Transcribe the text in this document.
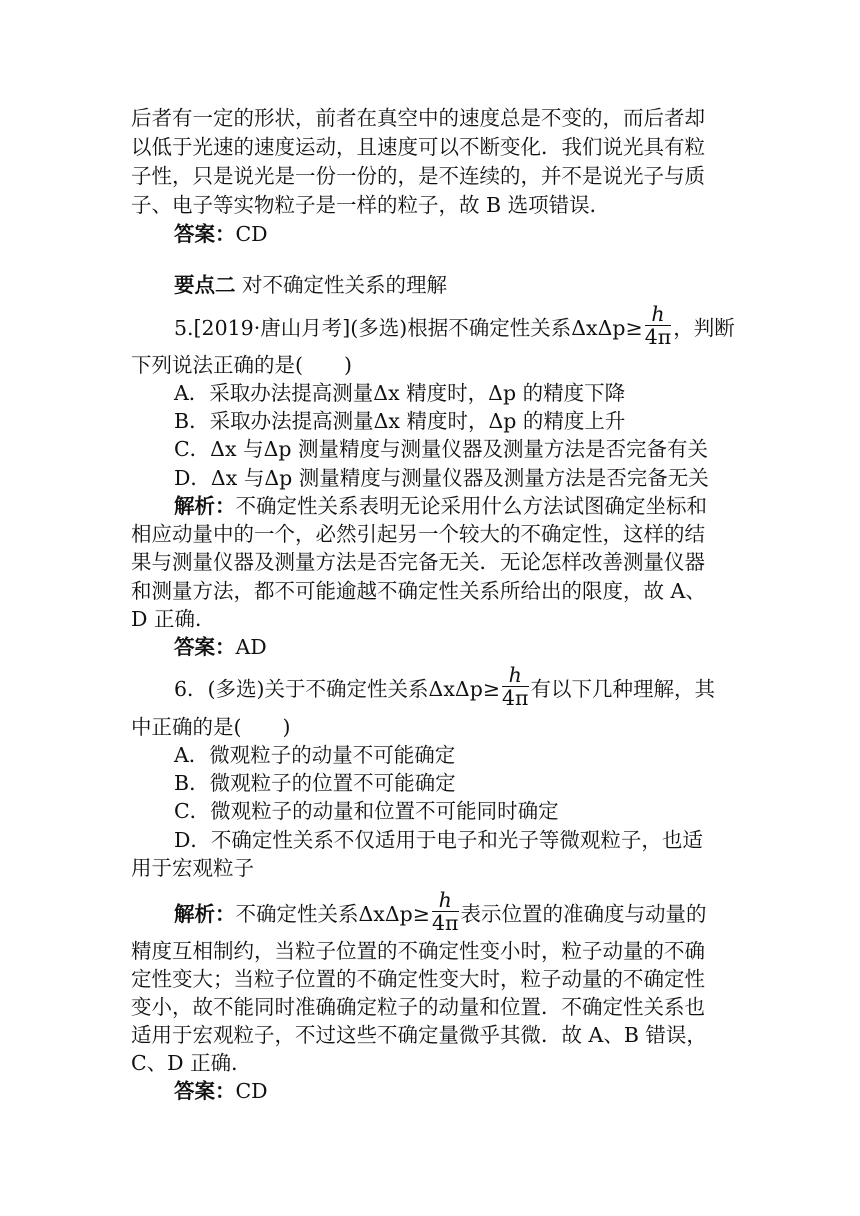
后者有一定的形状，前者在真空中的速度总是不变的，而后者却
以低于光速的速度运动，且速度可以不断变化．我们说光具有粒
子性，只是说光是一份一份的，是不连续的，并不是说光子与质
子、电子等实物粒子是一样的粒子，故 B 选项错误．
答案：CD
要点二 对不确定性关系的理解
5.[2019·唐山月考](多选)根据不确定性关系$\Delta x\Delta p\ge \frac{h}{4\pi}$ ，判断
下列说法正确的是(　　)
A．采取办法提高测量Δx 精度时，Δp 的精度下降
B．采取办法提高测量Δx 精度时，Δp 的精度上升
C．Δx 与Δp 测量精度与测量仪器及测量方法是否完备有关
D．Δx 与Δp 测量精度与测量仪器及测量方法是否完备无关
解析：不确定性关系表明无论采用什么方法试图确定坐标和
相应动量中的一个，必然引起另一个较大的不确定性，这样的结
果与测量仪器及测量方法是否完备无关．无论怎样改善测量仪器
和测量方法，都不可能逾越不确定性关系所给出的限度，故 A、
D 正确．
答案：AD
6．(多选)关于不确定性关系$\Delta x\Delta p\ge \frac{h}{4\pi}$ 有以下几种理解，其
中正确的是(　　)
A．微观粒子的动量不可能确定
B．微观粒子的位置不可能确定
C．微观粒子的动量和位置不可能同时确定
D．不确定性关系不仅适用于电子和光子等微观粒子，也适
用于宏观粒子
解析：不确定性关系$\Delta x\Delta p\ge \frac{h}{4\pi}$ 表示位置的准确度与动量的
精度互相制约，当粒子位置的不确定性变小时，粒子动量的不确
定性变大；当粒子位置的不确定性变大时，粒子动量的不确定性
变小，故不能同时准确确定粒子的动量和位置．不确定性关系也
适用于宏观粒子，不过这些不确定量微乎其微．故 A、B 错误，
C、D 正确．
答案：CD
